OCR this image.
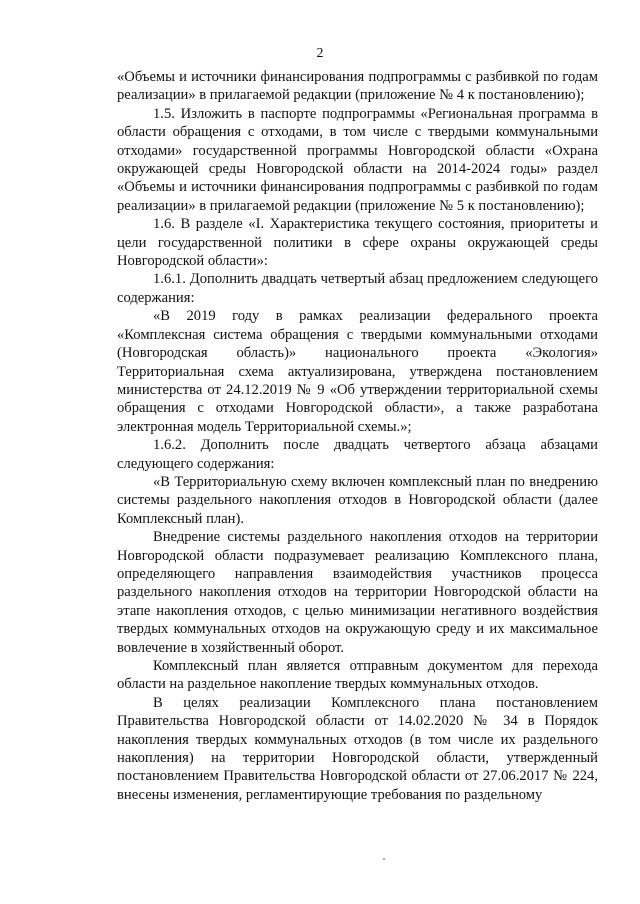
2

«Объемы и источники финансирования подпрограммы с разбивкой по годам реализации» в прилагаемой редакции (приложение № 4 к постановлению);

1.5. Изложить в паспорте подпрограммы «Региональная программа в области обращения с отходами, в том числе с твердыми коммунальными отходами» государственной программы Новгородской области «Охрана окружающей среды Новгородской области на 2014-2024 годы» раздел «Объемы и источники финансирования подпрограммы с разбивкой по годам реализации» в прилагаемой редакции (приложение № 5 к постановлению);

1.6. В разделе «I. Характеристика текущего состояния, приоритеты и цели государственной политики в сфере охраны окружающей среды Новгородской области»:

1.6.1. Дополнить двадцать четвертый абзац предложением следующего содержания:

«В 2019 году в рамках реализации федерального проекта «Комплексная система обращения с твердыми коммунальными отходами (Новгородская область)» национального проекта «Экология» Территориальная схема актуализирована, утверждена постановлением министерства от 24.12.2019 № 9 «Об утверждении территориальной схемы обращения с отходами Новгородской области», а также разработана электронная модель Территориальной схемы.»;

1.6.2. Дополнить после двадцать четвертого абзаца абзацами следующего содержания:

«В Территориальную схему включен комплексный план по внедрению системы раздельного накопления отходов в Новгородской области (далее Комплексный план).

Внедрение системы раздельного накопления отходов на территории Новгородской области подразумевает реализацию Комплексного плана, определяющего направления взаимодействия участников процесса раздельного накопления отходов на территории Новгородской области на этапе накопления отходов, с целью минимизации негативного воздействия твердых коммунальных отходов на окружающую среду и их максимальное вовлечение в хозяйственный оборот.

Комплексный план является отправным документом для перехода области на раздельное накопление твердых коммунальных отходов.

В целях реализации Комплексного плана постановлением Правительства Новгородской области от 14.02.2020 № 34 в Порядок накопления твердых коммунальных отходов (в том числе их раздельного накопления) на территории Новгородской области, утвержденный постановлением Правительства Новгородской области от 27.06.2017 № 224, внесены изменения, регламентирующие требования по раздельному
